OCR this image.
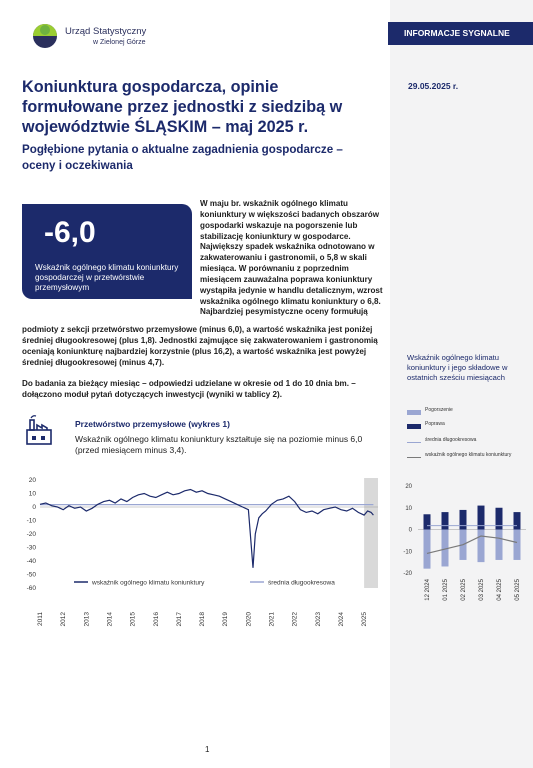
Urząd Statystyczny
w Zielonej Górze
INFORMACJE SYGNALNE
29.05.2025 r.
Koniunktura gospodarcza, opinie formułowane przez jednostki z siedzibą w województwie ŚLĄSKIM – maj 2025 r.
Pogłębione pytania o aktualne zagadnienia gospodarcze – oceny i oczekiwania
-6,0
Wskaźnik ogólnego klimatu koniunktury gospodarczej w przetwórstwie przemysłowym

W maju br. wskaźnik ogólnego klimatu koniunktury w większości badanych obszarów gospodarki wskazuje na pogorszenie lub stabilizację koniunktury w gospodarce. Największy spadek wskaźnika odnotowano w zakwaterowaniu i gastronomii, o 5,8 w skali miesiąca. W porównaniu z poprzednim miesiącem zauważalna poprawa koniunktury wystąpiła jedynie w handlu detalicznym, wzrost wskaźnika ogólnego klimatu koniunktury o 6,8. Najbardziej pesymistyczne oceny formułują

podmioty z sekcji przetwórstwo przemysłowe (minus 6,0), a wartość wskaźnika jest poniżej średniej długookresowej (plus 1,8). Jednostki zajmujące się zakwaterowaniem i gastronomią oceniają koniunkturę najbardziej korzystnie (plus 16,2), a wartość wskaźnika jest powyżej średniej długookresowej (minus 4,7).

Do badania za bieżący miesiąc – odpowiedzi udzielane w okresie od 1 do 10 dnia bm. – dołączono moduł pytań dotyczących inwestycji (wyniki w tablicy 2).

Przetwórstwo przemysłowe (wykres 1)
Wskaźnik ogólnego klimatu koniunktury kształtuje się na poziomie minus 6,0 (przed miesiącem minus 3,4).
20
10
0
-10
-20
-30
-40
-50
-60
2011 2012 2013 2014 2015 2016 2017 2018 2019 2020 2021 2022 2023 2024 2025
wskaźnik ogólnego klimatu koniunktury	średnia długookresowa
Wskaźnik ogólnego klimatu koniunktury i jego składowe w ostatnich sześciu miesiącach
Pogorszenie
Poprawa
średnia długookresowa
wskaźnik ogólnego klimatu koniunktury
20
10
0
-10
-20
12 2024 01 2025 02 2025 03 2025 04 2025 05 2025
1
